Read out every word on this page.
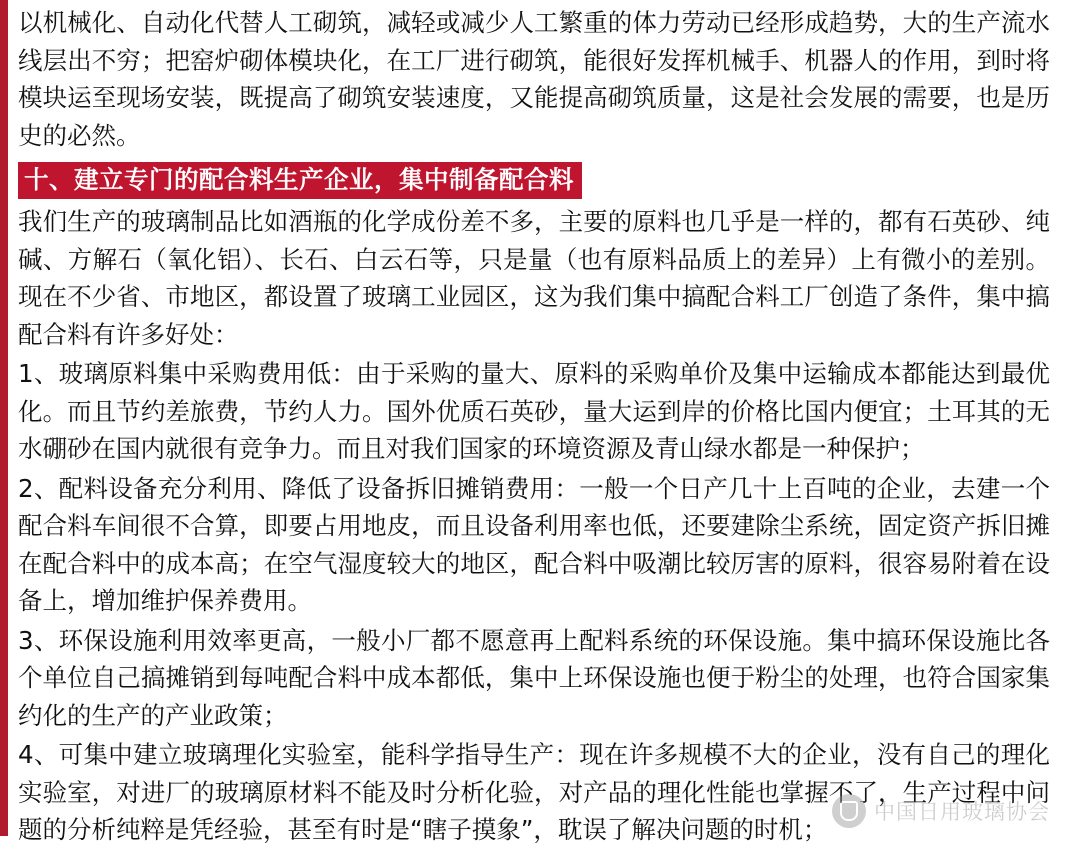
以机械化、自动化代替人工砌筑，减轻或减少人工繁重的体力劳动已经形成趋势，大的生产流水线层出不穷；把窑炉砌体模块化，在工厂进行砌筑，能很好发挥机械手、机器人的作用，到时将模块运至现场安装，既提高了砌筑安装速度，又能提高砌筑质量，这是社会发展的需要，也是历史的必然。

十、建立专门的配合料生产企业，集中制备配合料

我们生产的玻璃制品比如酒瓶的化学成份差不多，主要的原料也几乎是一样的，都有石英砂、纯碱、方解石（氧化铝）、长石、白云石等，只是量（也有原料品质上的差异）上有微小的差别。现在不少省、市地区，都设置了玻璃工业园区，这为我们集中搞配合料工厂创造了条件，集中搞配合料有许多好处：

1、玻璃原料集中采购费用低：由于采购的量大、原料的采购单价及集中运输成本都能达到最优化。而且节约差旅费，节约人力。国外优质石英砂，量大运到岸的价格比国内便宜；土耳其的无水硼砂在国内就很有竞争力。而且对我们国家的环境资源及青山绿水都是一种保护；

2、配料设备充分利用、降低了设备拆旧摊销费用：一般一个日产几十上百吨的企业，去建一个配合料车间很不合算，即要占用地皮，而且设备利用率也低，还要建除尘系统，固定资产拆旧摊在配合料中的成本高；在空气湿度较大的地区，配合料中吸潮比较厉害的原料，很容易附着在设备上，增加维护保养费用。

3、环保设施利用效率更高，一般小厂都不愿意再上配料系统的环保设施。集中搞环保设施比各个单位自己搞摊销到每吨配合料中成本都低，集中上环保设施也便于粉尘的处理，也符合国家集约化的生产的产业政策；

4、可集中建立玻璃理化实验室，能科学指导生产：现在许多规模不大的企业，没有自己的理化实验室，对进厂的玻璃原材料不能及时分析化验，对产品的理化性能也掌握不了，生产过程中问题的分析纯粹是凭经验，甚至有时是“瞎子摸象”，耽误了解决问题的时机；

中国日用玻璃协会
